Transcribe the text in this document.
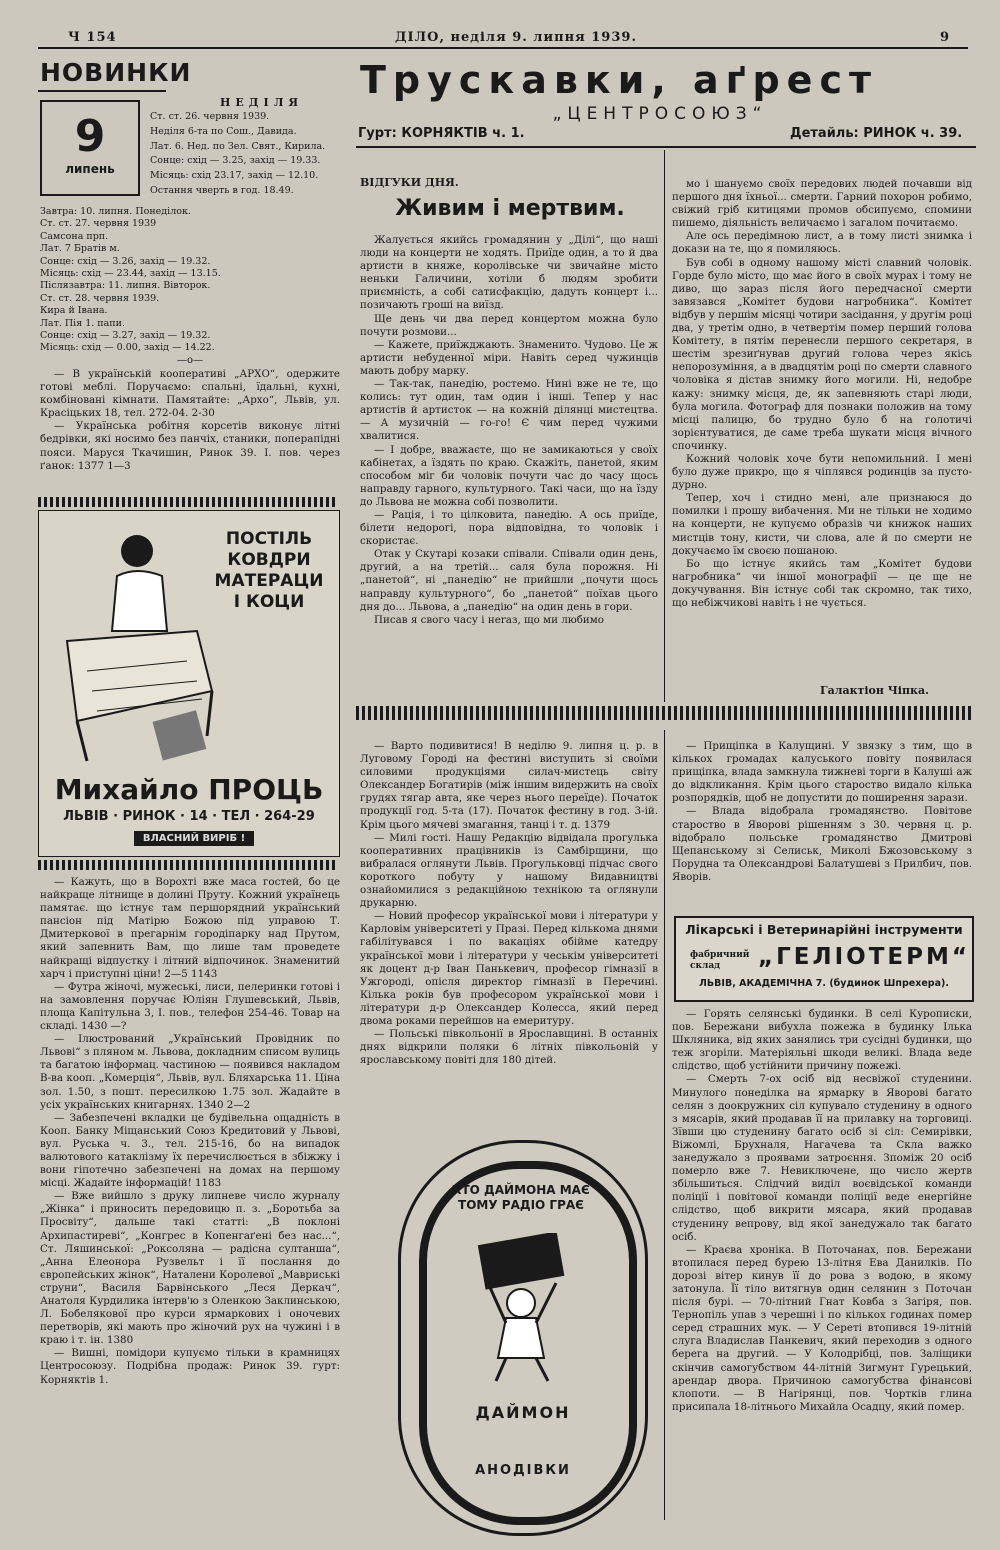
Ч 154	ДІЛО, неділя 9. липня 1939.	9
НОВИНКИ
НЕДІЛЯ
9
липень
Ст. ст. 26. червня 1939.
Неділя 6-та по Сош., Давида.
Лат. 6. Нед. по Зел. Свят., Кирила.
Сонце: схід — 3.25, захід — 19.33.
Місяць: схід 23.17, захід — 12.10.
Остання чверть в год. 18.49.
Завтра: 10. липня. Понеділок.
Ст. ст. 27. червня 1939
Самсона прп.
Лат. 7 Братів м.
Сонце: схід — 3.26, захід — 19.32.
Місяць: схід — 23.44, захід — 13.15.
Післязавтра: 11. липня. Вівторок.
Ст. ст. 28. червня 1939.
Кира й Івана.
Лат. Пія 1. папи.
Сонце: схід — 3.27, захід — 19.32.
Місяць: схід — 0.00, захід — 14.22.
—о—

— В українській кооперативі „АРХО“, одержите готові меблі. Поручаємо: спальні, їдальні, кухні, комбіновані кімнати. Памятайте: „Архо“, Львів, ул. Красіцьких 18, тел. 272-04. 2-30

— Українська робітня корсетів виконує літні бедрівки, які носимо без панчіх, станики, поперапідні пояси. Маруся Ткачишин, Ринок 39. І. пов. через ґанок: 1377 1—3

ПОСТІЛЬ
КОВДРИ
МАТЕРАЦИ
І КОЦИ
Михайло ПРОЦЬ
ЛЬВІВ · РИНОК · 14 · ТЕЛ · 264-29
ВЛАСНИЙ ВИРІБ !

— Кажуть, що в Ворохті вже маса гостей, бо це найкраще літнище в долині Пруту. Кожний українець памятає. що істнує там першорядний український пансіон під Матірю Божою під управою Т. Дмитеркової в прегарнім городіпарку над Прутом, який запевнить Вам, що лише там проведете найкращі відпустку і літний відпочинок. Знаменитий харч і приступні ціни! 2—5 1143

— Футра жіночі, мужеські, лиси, пелеринки готові і на замовлення поручає Юліян Глушевський, Львів, площа Капітульна 3, І. пов., телефон 254-46. Товар на складі. 1430 —?

— Ілюстрований „Український Провідник по Львові“ з пляном м. Львова, докладним списом вулиць та багатою інформац. частиною — появився накладом В-ва кооп. „Комерція“, Львів, вул. Бляхарська 11. Ціна зол. 1.50, з пошт. пересилкою 1.75 зол. Жадайте в усіх українських книгарнях. 1340 2—2

— Забезпечені вкладки це будівельна ощадність в Кооп. Банку Міщанський Союз Кредитовий у Львові, вул. Руська ч. 3., тел. 215-16, бо на випадок валютового катаклізму їх перечислюється в збіжжу і вони гіпотечно забезпечені на домах на першому місці. Жадайте інформацій! 1183

— Вже вийшло з друку липневе число журналу „Жінка“ і приносить передовицю п. з. „Боротьба за Просвіту“, дальше такі статті: „В поклоні Архипастиреві“, „Конгрес в Копенгаґені без нас...“, Ст. Ляшинської: „Роксоляна — радісна султанша“, „Анна Елеонора Рузвельт і її послання до європейських жінок“, Наталени Королевої „Мавриські струни“, Василя Барвінського „Леся Деркач“, Анатоля Курдилика інтерв'ю з Оленкою Заклинською, Л. Бобелякової про курси ярмаркових і оночевих перетворів, які мають про жіночий рух на чужині і в краю і т. ін. 1380

— Вишні, помідори купуємо тільки в крамницях Центросоюзу. Подрібна продаж: Ринок 39. гурт: Корняктів 1.

Трускавки, аґрест
„ЦЕНТРОСОЮЗ“
Гурт: КОРНЯКТІВ ч. 1.	Детайль: РИНОК ч. 39.
ВІДГУКИ ДНЯ.
Живим і мертвим.

Жалується якийсь громадянин у „Ділі“, що наші люди на концерти не ходять. Приїде один, а то й два артисти в княже, королівське чи звичайне місто неньки Галичини, хотіли б людям зробити приємність, а собі сатисфакцію, дадуть концерт і... позичають гроші на виїзд.

Ще день чи два перед концертом можна було почути розмови...

— Кажете, приїжджають. Знаменито. Чудово. Це ж артисти небуденної міри. Навіть серед чужинців мають добру марку.

— Так-так, панедію, ростемо. Нині вже не те, що колись: тут один, там один і інші. Тепер у нас артистів й артисток — на кожній ділянці мистецтва. — А музичній — го-го! Є чим перед чужими хвалитися.

— І добре, вважаєте, що не замикаються у своїх кабінетах, а їздять по краю. Скажіть, панетой, яким способом міг би чоловік почути час до часу щось направду гарного, культурного. Такі часи, що на їзду до Львова не можна собі позволити.

— Рація, і то цілковита, панедію. А ось приїде, білети недорогі, пора відповідна, то чоловік і скористає.

Отак у Скутарі козаки співали. Співали один день, другий, а на третій... саля була порожня. Ні „панетой“, ні „панедію“ не прийшли „почути щось направду культурного“, бо „панетой“ поїхав цього дня до... Львова, а „панедію“ на один день в гори.

Писав я свого часу і неraз, що ми любимо

мо і шануємо своїх передових людей почавши від першого дня їхньої... смерти. Гарний похорон робимо, свіжий гріб китицями промов обсипуємо, спомини пишемо, діяльність величаємо і загалом почитаємо.

Але ось передімною лист, а в тому листі знимка і докази на те, що я помиляюсь.

Був собі в одному нашому місті славний чоловік. Горде було місто, що має його в своїх мурах і тому не диво, що зараз після його передчасної смерти завязався „Комітет будови нагробника“. Комітет відбув у першім місяці чотири засідання, у другім році два, у третім одно, в четвертім помер перший голова Комітету, в пятім перенесли першого секретаря, в шестім зрезиґнував другий голова через якісь непорозуміння, а в двадцятім році по смерти славного чоловіка я дістав знимку його могили. Ні, недобре кажу: знимку місця, де, як запевняють старі люди, була могила. Фотограф для познаки положив на тому місці палицю, бо трудно було б на голотичі зорієнтуватися, де саме треба шукати місця вічного спочинку.

Кожний чоловік хоче бути непомильний. І мені було дуже прикро, що я чіплявся родинців за пусто-дурно.

Тепер, хоч і стидно мені, але признаюся до помилки і прошу вибачення. Ми не тільки не ходимо на концерти, не купуємо образів чи книжок наших мистців тону, кисти, чи слова, але й по смерти не докучаємо їм своєю пошаною.

Бо що істнує якийсь там „Комітет будови нагробника“ чи іншої монографії — це ще не докучування. Він істнує собі так скромно, так тихо, що небіжчикові навіть і не чується.

Галактіон Чіпка.

— Варто подивитися! В неділю 9. липня ц. р. в Луговому Городі на фестині виступить зі своїми силовими продукціями силач-мистець світу Олександер Богатирів (між іншим видержить на своїх грудях тягар авта, яке через нього переїде). Початок продукції год. 5-та (17). Початок фестину в год. 3-ій. Крім цього мячеві змагання, танці і т. д. 1379

— Милі гості. Нашу Редакцію відвідала прогулька кооперативних працівників із Самбірщини, що вибралася оглянути Львів. Прогульковці підчас свого короткого побуту у нашому Видавництві ознайомилися з редакційною технікою та оглянули друкарню.

— Новий професор української мови і літератури у Карловім університеті у Празі. Перед кількома днями габілітувався і по вакаціях обійме катедру української мови і літератури у чеськім університеті як доцент д-р Іван Панькевич, професор гімназії в Ужгороді, опісля директор гімназії в Перечині. Кілька років був професором української мови і літератури д-р Олександер Колесса, який перед двома роками перейшов на емеритуру.

— Польські півкольонії в Ярославщині. В останніх днях відкрили поляки 6 літніх півкольоній у ярославському повіті для 180 дітей.

ХТО ДАЙМОНА МАЄ ТОМУ РАДІО ГРАЄ
ДАЙМОН
АНОДІВКИ

— Прищіпка в Калущині. У звязку з тим, що в кількох громадах калуського повіту появилася прищіпка, влада замкнула тижневі торги в Калуші аж до відкликання. Крім цього староство видало кілька розпорядків, щоб не допустити до поширення зарази.

— Влада відобрала громадянство. Повітове староство в Яворові рішенням з 30. червня ц. р. відобрало польське громадянство Дмитрові Щепанському зі Селиськ, Миколі Бжозовському з Порудна та Олександрові Балатушеві з Прилбич, пов. Яворів.

Лікарські і Ветеринарійні інструменти
фабричний склад	„ГЕЛІОТЕРМ“
ЛЬВІВ, АКАДЕМІЧНА 7. (будинок Шпрехера).

— Горять селянські будинки. В селі Курописки, пов. Бережани вибухла пожежа в будинку Ілька Шкляника, від яких занялись три сусідні будинки, що теж згоріли. Матеріяльні шкоди великі. Влада веде слідство, щоб устійнити причину пожежі.

— Смерть 7-ох осіб від несвіжої студенини. Минулого понеділка на ярмарку в Яворові багато селян з доокружних сіл купувало студенину в одного з мясарів, який продавав її на прилавку на торговиці. Зївши цю студенину багато осіб зі сіл: Семирівки, Віжомлі, Брухналя, Нагачева та Скла важко занедужало з проявами затроєння. Зпоміж 20 осіб померло вже 7. Невиключене, що число жертв збільшиться. Слідчий виділ воєвідської команди поліції і повітової команди поліції веде енергійне слідство, щоб викрити мясара, який продавав студенину вепрову, від якої занедужало так багато осіб.

— Краєва хроніка. В Поточанах, пов. Бережани втопилася перед бурею 13-літня Ева Данилків. По дорозі вітер кинув її до рова з водою, в якому затонула. Її тіло витягнув один селянин з Поточан після бурі. — 70-літний Гнат Ковба з Загіря, пов. Тернопіль упав з черешні і по кількох годинах помер серед страшних мук. — У Сереті втопився 19-літній слуга Владислав Панкевич, який переходив з одного берега на другий. — У Колодрібці, пов. Заліщики скінчив самогубством 44-літній Зигмунт Гурецький, арендар двора. Причиною самогубства фінансові клопоти. — В Нагірянці, пов. Чортків глина присипала 18-літнього Михайла Осадцу, який помер.
